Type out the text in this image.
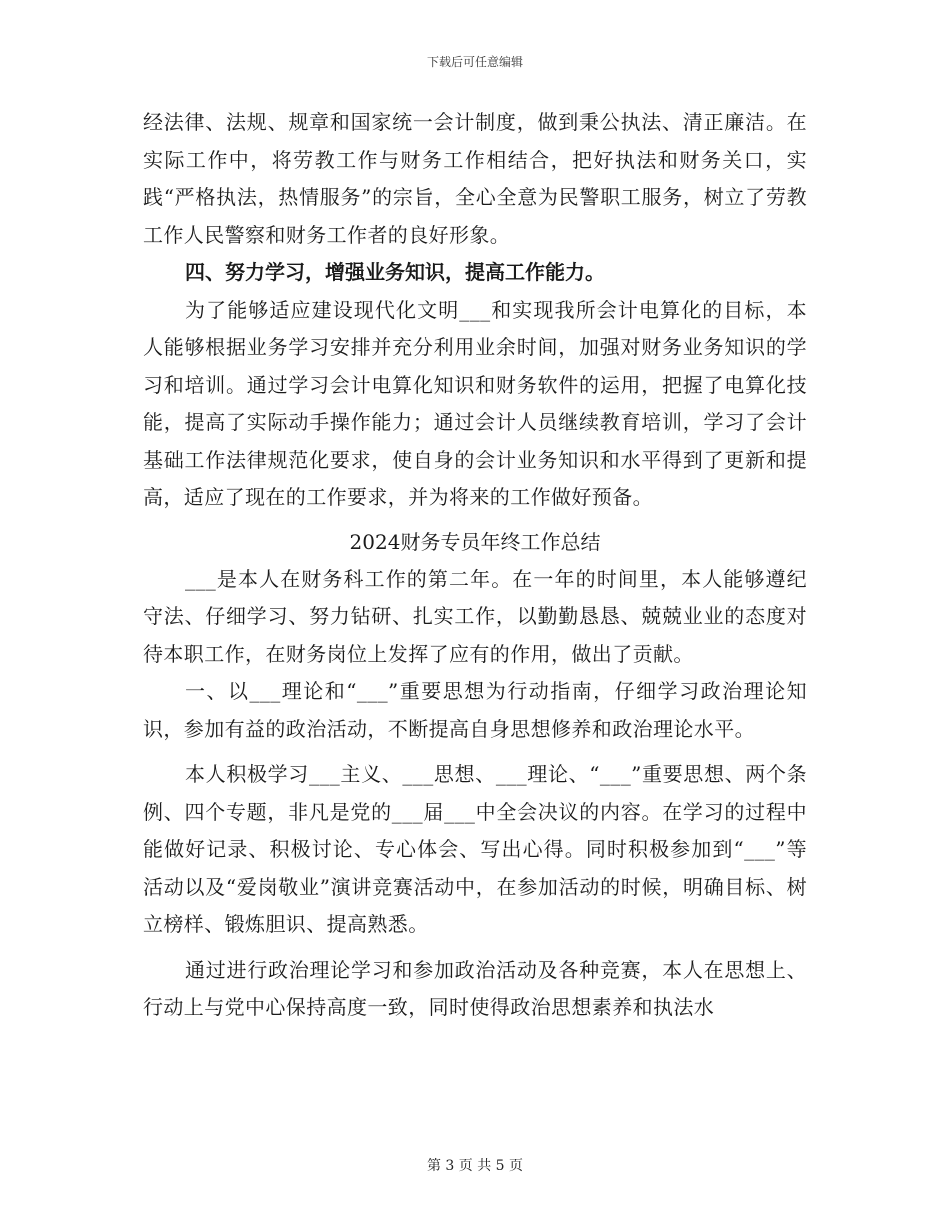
下载后可任意编辑

经法律、法规、规章和国家统一会计制度，做到秉公执法、清正廉洁。在实际工作中，将劳教工作与财务工作相结合，把好执法和财务关口，实践“严格执法，热情服务”的宗旨，全心全意为民警职工服务，树立了劳教工作人民警察和财务工作者的良好形象。

四、努力学习，增强业务知识，提高工作能力。

为了能够适应建设现代化文明___和实现我所会计电算化的目标，本人能够根据业务学习安排并充分利用业余时间，加强对财务业务知识的学习和培训。通过学习会计电算化知识和财务软件的运用，把握了电算化技能，提高了实际动手操作能力；通过会计人员继续教育培训，学习了会计基础工作法律规范化要求，使自身的会计业务知识和水平得到了更新和提高，适应了现在的工作要求，并为将来的工作做好预备。

2024财务专员年终工作总结

___是本人在财务科工作的第二年。在一年的时间里，本人能够遵纪守法、仔细学习、努力钻研、扎实工作，以勤勤恳恳、兢兢业业的态度对待本职工作，在财务岗位上发挥了应有的作用，做出了贡献。

一、以___理论和“___”重要思想为行动指南，仔细学习政治理论知识，参加有益的政治活动，不断提高自身思想修养和政治理论水平。

本人积极学习___主义、___思想、___理论、“___”重要思想、两个条例、四个专题，非凡是党的___届___中全会决议的内容。在学习的过程中能做好记录、积极讨论、专心体会、写出心得。同时积极参加到“___”等活动以及“爱岗敬业”演讲竞赛活动中，在参加活动的时候，明确目标、树立榜样、锻炼胆识、提高熟悉。

通过进行政治理论学习和参加政治活动及各种竞赛，本人在思想上、行动上与党中心保持高度一致，同时使得政治思想素养和执法水

第 3 页 共 5 页
